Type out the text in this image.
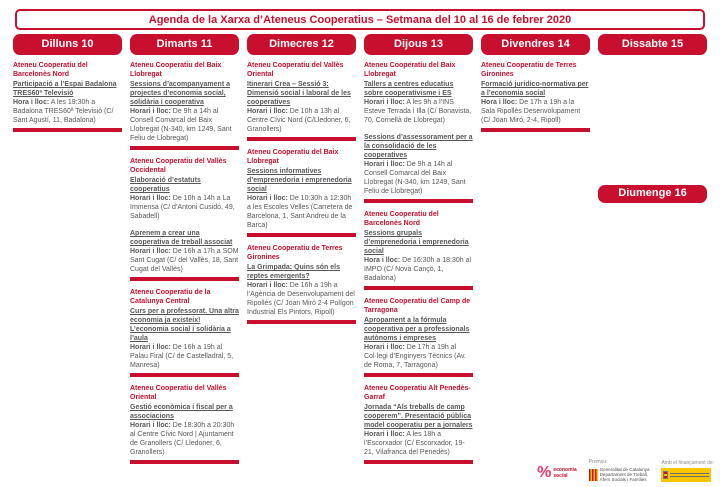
Agenda de la Xarxa d’Ateneus Cooperatius – Setmana del 10 al 16 de febrer 2020
Dilluns 10	Dimarts 11	Dimecres 12	Dijous 13	Divendres 14	Dissabte 15
Ateneu Cooperatiu del Barcelonès Nord
Participació a l’Espai Badalona TRES60ª Televisió
Hora i lloc: A les 19:30h a Badalona TRES60ª Televisió (C/ Sant Agustí, 11, Badalona)
Ateneu Cooperatiu del Baix Llobregat
Sessions d’acompanyament a projectes d’economia social, solidària i cooperativa
Horari i lloc: De 9h a 14h al Consell Comarcal del Baix Llobregat (N-340, km 1249, Sant Feliu de Llobregat)
Ateneu Cooperatiu del Vallès Occidental
Elaboració d’estatuts cooperatius
Horari i lloc: De 10h a 14h a La Immensa (C/ d’Antoni Cusidó, 49, Sabadell)
Aprenem a crear una cooperativa de treball associat
Horari i lloc: De 16h a 17h a SOM Sant Cugat (C/ del Vallès, 18, Sant Cugat del Vallès)
Ateneu Cooperatiu de la Catalunya Central
Curs per a professorat. Una altra economia ja existeix! L’economia social i solidària a l’aula
Horari i lloc: De 16h a 19h al Palau Firal (C/ de Castelladral, 5, Manresa)
Ateneu Cooperatiu del Vallès Oriental
Gestió econòmica i fiscal per a associacions
Horari i lloc: De 18:30h a 20:30h al Centre Cívic Nord | Ajuntament de Granollers (C/ Lledoner, 6, Granollers)
Ateneu Cooperatiu del Vallès Oriental
Itinerari Crea – Sessió 3: Dimensió social i laboral de les cooperatives
Horari i lloc: De 10h a 13h al Centre Cívic Nord (C/Lledoner, 6, Granollers)
Ateneu Cooperatiu del Baix Llobregat
Sessions informatives d’emprenedoria i emprenedoria social
Horari i lloc: De 10:30h a 12:30h a les Escoles Velles (Carretera de Barcelona, 1, Sant Andreu de la Barca)
Ateneu Cooperatiu de Terres Gironines
La Grimpada: Quins són els reptes emergents?
Horari i lloc: De 16h a 19h a l’Agència de Desenvolupament del Ripollès (C/ Joan Miró 2-4 Polígon Industrial Els Pintors, Ripoll)
Ateneu Cooperatiu del Baix Llobregat
Tallers a centres educatius sobre cooperativisme i ES
Horari i lloc: A les 9h a l’INS Esteve Terrada i Illa (C/ Bonavista, 70, Cornellà de Llobregat)
Sessions d’assessorament per a la consolidació de les cooperatives
Horari i lloc: De 9h a 14h al Consell Comarcal del Baix Llobregat (N-340, km 1249, Sant Feliu de Llobregat)
Ateneu Cooperatiu del Barcelonès Nord
Sessions grupals d’emprenedoria i emprenedoria social
Hora i lloc: De 16:30h a 18:30h al IMPO (C/ Nova Cançó, 1, Badalona)
Ateneu Cooperatiu del Camp de Tarragona
Apropament a la fórmula cooperativa per a professionals autònoms i empreses
Horari i lloc: De 17h a 19h al Col·legi d’Enginyers Tècnics (Av. de Roma, 7, Tarragona)
Ateneu Cooperatiu Alt Penedès-Garraf
Jornada “Als treballs de camp cooperem”. Presentació pública model cooperatiu per a jornalers
Horari i lloc: A les 18h a l’Escorxador (C/ Escorxador, 19-21, Vilafranca del Penedès)
Ateneu Cooperatiu de Terres Gironines
Formació jurídico-normativa per a l’economia social
Hora i lloc: De 17h a 19h a la Sala Ripollès Desenvolupament (C/ Joan Miró, 2-4, Ripoll)
Diumenge 16
% economia
social
Promou:
Generalitat de Catalunya
Departament de Treball,
Afers Socials i Famílies
Amb el finançament de:
